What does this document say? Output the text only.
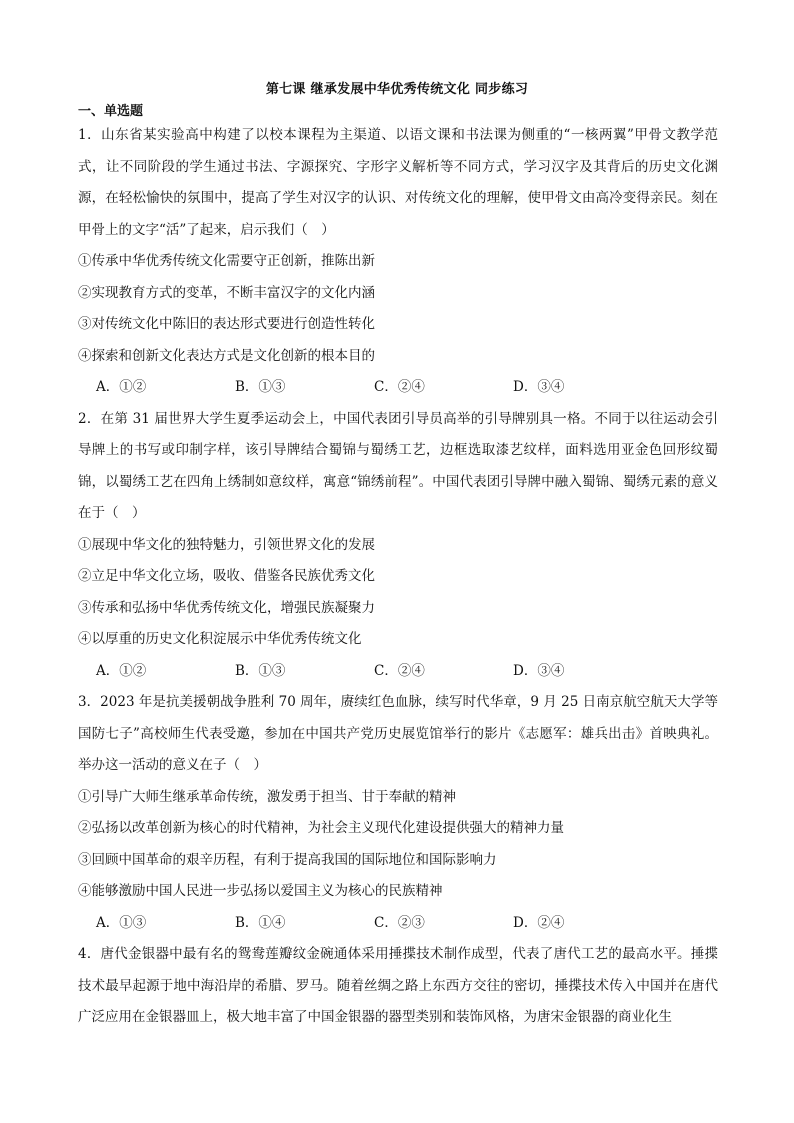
第七课 继承发展中华优秀传统文化 同步练习
一、单选题
1．山东省某实验高中构建了以校本课程为主渠道、以语文课和书法课为侧重的“一核两翼”甲骨文教学范式，让不同阶段的学生通过书法、字源探究、字形字义解析等不同方式，学习汉字及其背后的历史文化渊源，在轻松愉快的氛围中，提高了学生对汉字的认识、对传统文化的理解，使甲骨文由高冷变得亲民。刻在甲骨上的文字“活”了起来，启示我们（　）
①传承中华优秀传统文化需要守正创新，推陈出新
②实现教育方式的变革，不断丰富汉字的文化内涵
③对传统文化中陈旧的表达形式要进行创造性转化
④探索和创新文化表达方式是文化创新的根本目的
A．①②	B．①③	C．②④	D．③④
2．在第 31 届世界大学生夏季运动会上，中国代表团引导员高举的引导牌别具一格。不同于以往运动会引导牌上的书写或印制字样，该引导牌结合蜀锦与蜀绣工艺，边框选取漆艺纹样，面料选用亚金色回形纹蜀锦，以蜀绣工艺在四角上绣制如意纹样，寓意“锦绣前程”。中国代表团引导牌中融入蜀锦、蜀绣元素的意义在于（　）
①展现中华文化的独特魅力，引领世界文化的发展
②立足中华文化立场，吸收、借鉴各民族优秀文化
③传承和弘扬中华优秀传统文化，增强民族凝聚力
④以厚重的历史文化积淀展示中华优秀传统文化
A．①②	B．①③	C．②④	D．③④
3．2023 年是抗美援朝战争胜利 70 周年，赓续红色血脉，续写时代华章，9 月 25 日南京航空航天大学等国防七子”高校师生代表受邀，参加在中国共产党历史展览馆举行的影片《志愿军：雄兵出击》首映典礼。举办这一活动的意义在子（　）
①引导广大师生继承革命传统，激发勇于担当、甘于奉献的精神
②弘扬以改革创新为核心的时代精神，为社会主义现代化建设提供强大的精神力量
③回顾中国革命的艰辛历程，有利于提高我国的国际地位和国际影响力
④能够激励中国人民进一步弘扬以爱国主义为核心的民族精神
A．①③	B．①④	C．②③	D．②④
4．唐代金银器中最有名的鸳鸯莲瓣纹金碗通体采用捶揲技术制作成型，代表了唐代工艺的最高水平。捶揲技术最早起源于地中海沿岸的希腊、罗马。随着丝绸之路上东西方交往的密切，捶揲技术传入中国并在唐代广泛应用在金银器皿上，极大地丰富了中国金银器的器型类别和装饰风格，为唐宋金银器的商业化生
